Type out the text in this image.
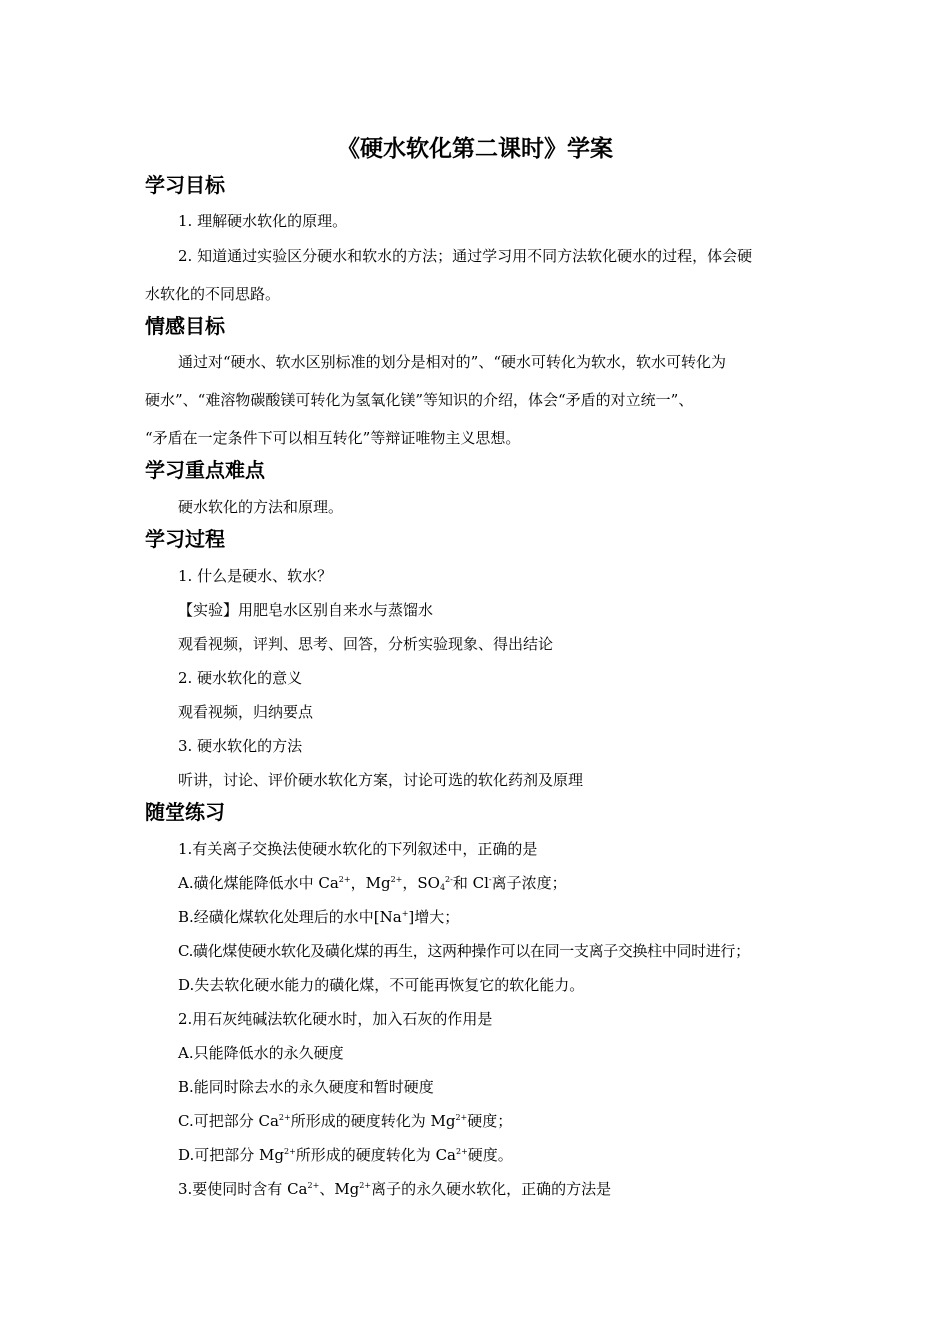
《硬水软化第二课时》学案
学习目标
1. 理解硬水软化的原理。
2. 知道通过实验区分硬水和软水的方法；通过学习用不同方法软化硬水的过程，体会硬
水软化的不同思路。
情感目标
通过对“硬水、软水区别标准的划分是相对的”、“硬水可转化为软水，软水可转化为
硬水”、“难溶物碳酸镁可转化为氢氧化镁”等知识的介绍，体会“矛盾的对立统一”、
“矛盾在一定条件下可以相互转化”等辩证唯物主义思想。
学习重点难点
硬水软化的方法和原理。
学习过程
1. 什么是硬水、软水？
【实验】用肥皂水区别自来水与蒸馏水
观看视频，评判、思考、回答，分析实验现象、得出结论
2. 硬水软化的意义
观看视频，归纳要点
3. 硬水软化的方法
听讲，讨论、评价硬水软化方案，讨论可选的软化药剂及原理
随堂练习
1.有关离子交换法使硬水软化的下列叙述中，正确的是
A.磺化煤能降低水中 $Ca^{2+}$，$Mg^{2+}$，$SO_4^{2-}$和 Cl-离子浓度；
B.经磺化煤软化处理后的水中[Na+]增大；
C.磺化煤使硬水软化及磺化煤的再生，这两种操作可以在同一支离子交换柱中同时进行；
D.失去软化硬水能力的磺化煤，不可能再恢复它的软化能力。
2.用石灰纯碱法软化硬水时，加入石灰的作用是
A.只能降低水的永久硬度
B.能同时除去水的永久硬度和暂时硬度
C.可把部分 $Ca^{2+}$所形成的硬度转化为 $Mg^{2+}$硬度；
D.可把部分 $Mg^{2+}$所形成的硬度转化为 $Ca^{2+}$硬度。
3.要使同时含有 $Ca^{2+}$、$Mg^{2+}$离子的永久硬水软化，正确的方法是
